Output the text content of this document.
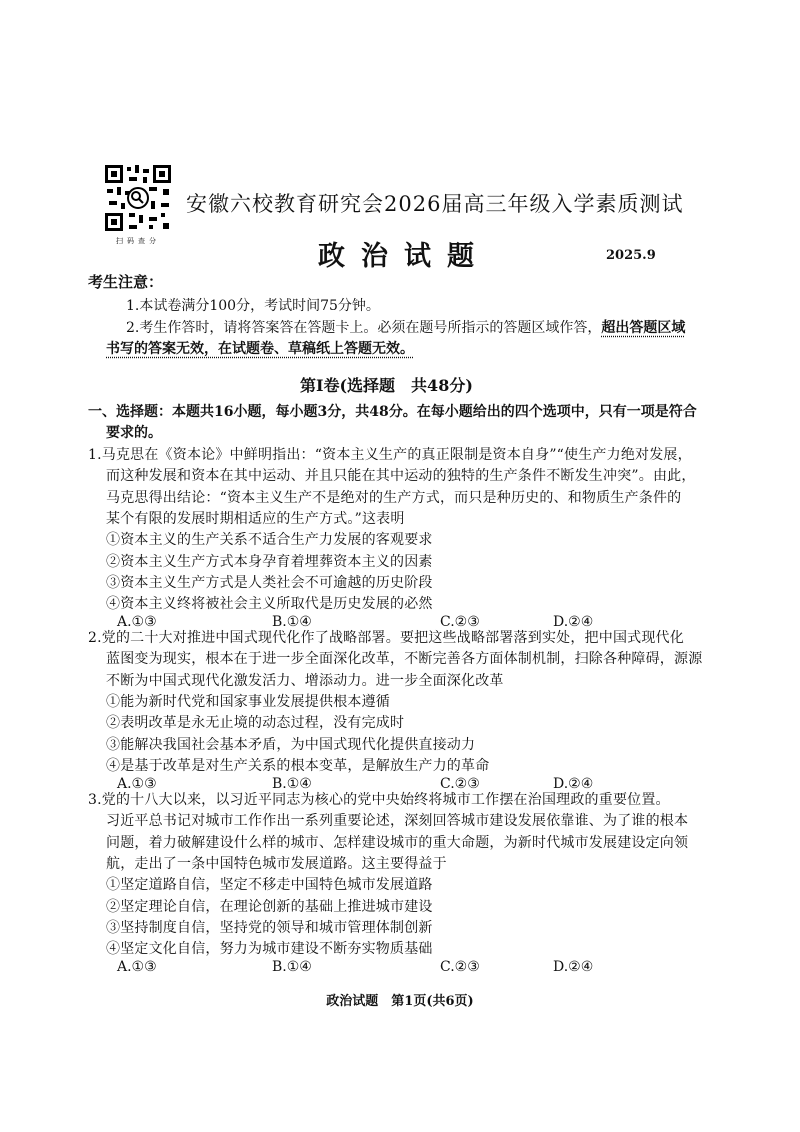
扫码查分
安徽六校教育研究会2026届高三年级入学素质测试
政治试题	2025.9
考生注意：
1.本试卷满分100分，考试时间75分钟。
2.考生作答时，请将答案答在答题卡上。必须在题号所指示的答题区域作答，超出答题区域
书写的答案无效，在试题卷、草稿纸上答题无效。
第Ⅰ卷(选择题　共48分)
一、选择题：本题共16小题，每小题3分，共48分。在每小题给出的四个选项中，只有一项是符合
要求的。
1.马克思在《资本论》中鲜明指出：“资本主义生产的真正限制是资本自身”“使生产力绝对发展，
而这种发展和资本在其中运动、并且只能在其中运动的独特的生产条件不断发生冲突”。由此，
马克思得出结论：“资本主义生产不是绝对的生产方式，而只是种历史的、和物质生产条件的
某个有限的发展时期相适应的生产方式。”这表明
①资本主义的生产关系不适合生产力发展的客观要求
②资本主义生产方式本身孕育着埋葬资本主义的因素
③资本主义生产方式是人类社会不可逾越的历史阶段
④资本主义终将被社会主义所取代是历史发展的必然
A.①③	B.①④	C.②③	D.②④
2.党的二十大对推进中国式现代化作了战略部署。要把这些战略部署落到实处，把中国式现代化
蓝图变为现实，根本在于进一步全面深化改革，不断完善各方面体制机制，扫除各种障碍，源源
不断为中国式现代化激发活力、增添动力。进一步全面深化改革
①能为新时代党和国家事业发展提供根本遵循
②表明改革是永无止境的动态过程，没有完成时
③能解决我国社会基本矛盾，为中国式现代化提供直接动力
④是基于改革是对生产关系的根本变革，是解放生产力的革命
A.①③	B.①④	C.②③	D.②④
3.党的十八大以来，以习近平同志为核心的党中央始终将城市工作摆在治国理政的重要位置。
习近平总书记对城市工作作出一系列重要论述，深刻回答城市建设发展依靠谁、为了谁的根本
问题，着力破解建设什么样的城市、怎样建设城市的重大命题，为新时代城市发展建设定向领
航，走出了一条中国特色城市发展道路。这主要得益于
①坚定道路自信，坚定不移走中国特色城市发展道路
②坚定理论自信，在理论创新的基础上推进城市建设
③坚持制度自信，坚持党的领导和城市管理体制创新
④坚定文化自信，努力为城市建设不断夯实物质基础
A.①③	B.①④	C.②③	D.②④
政治试题　第1页(共6页)
